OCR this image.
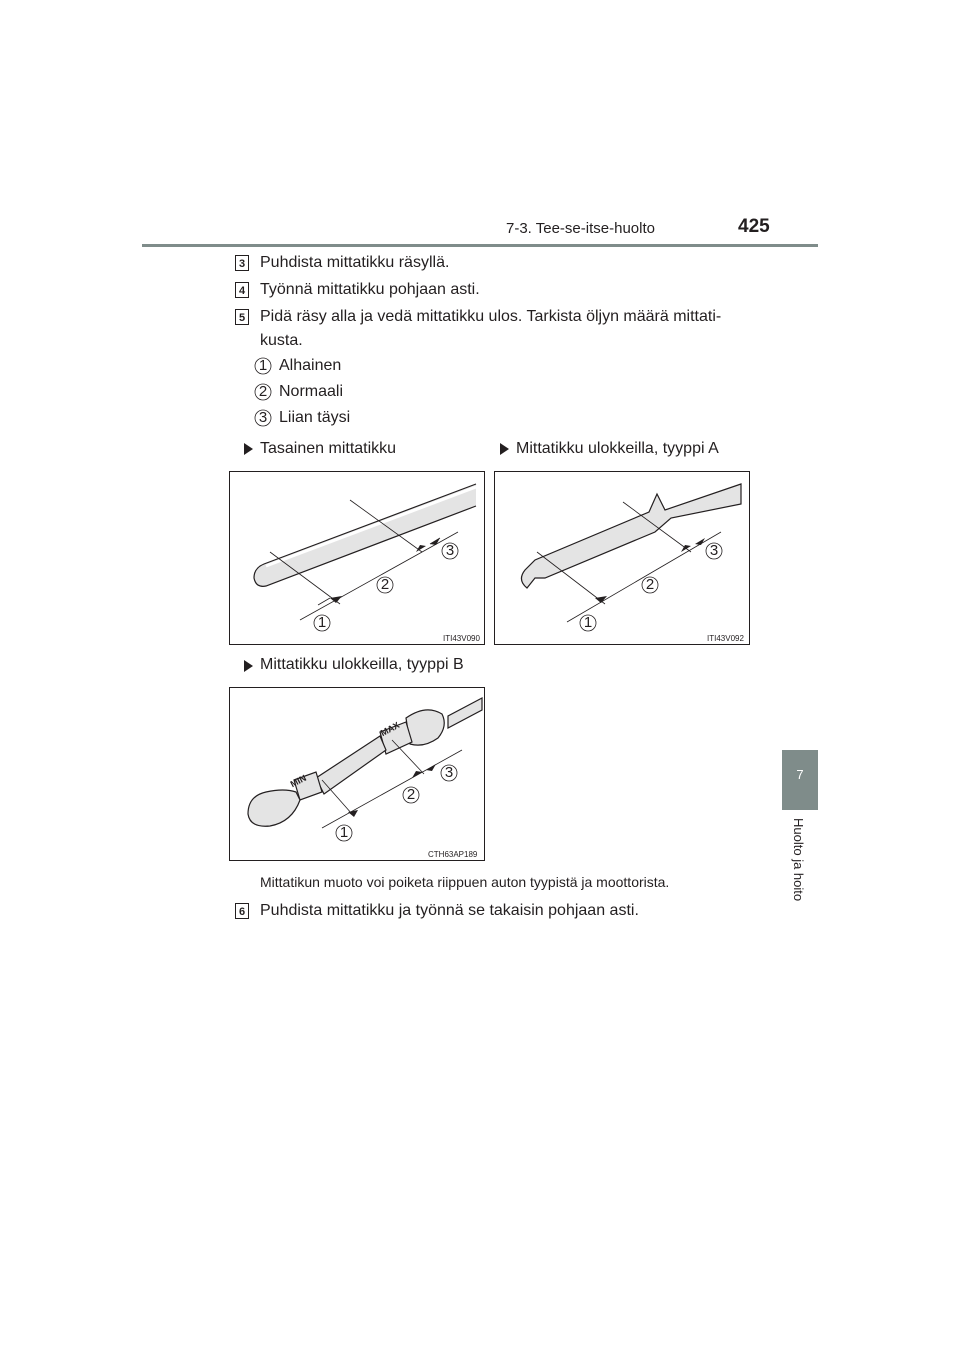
7-3. Tee-se-itse-huolto	425
7
Huolto ja hoito
3 Puhdista mittatikku räsyllä.
4 Työnnä mittatikku pohjaan asti.
5 Pidä räsy alla ja vedä mittatikku ulos. Tarkista öljyn määrä mittati-
kusta.
1 Alhainen
2 Normaali
3 Liian täysi
Tasainen mittatikku	Mittatikku ulokkeilla, tyyppi A
1
2
3
ITI43V090
1
2
3
ITI43V092
Mittatikku ulokkeilla, tyyppi B
MAX
MIN
1
2
3
CTH63AP189
Mittatikun muoto voi poiketa riippuen auton tyypistä ja moottorista.
6 Puhdista mittatikku ja työnnä se takaisin pohjaan asti.
